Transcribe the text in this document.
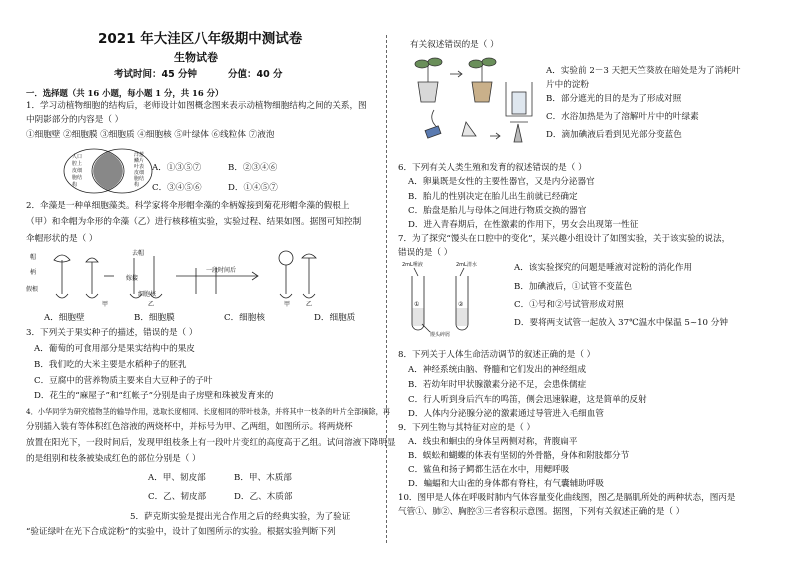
2021 年大洼区八年级期中测试卷
生物试卷
考试时间：45 分钟	分值：40 分
一．选择题（共 16 小题，每小题 1 分，共 16 分）
1．学习动植物细胞的结构后，老师设计如图概念图来表示动植物细胞结构之间的关系，图
中阴影部分的内容是（ ）
①细胞壁 ②细胞膜 ③细胞质 ④细胞核 ⑤叶绿体 ⑥线粒体 ⑦液泡
人口
腔上
皮细
胞结
构
洋葱
鳞片
叶表
皮细
胞结
构
A．①③⑤⑦	B．②③④⑥
C．③④⑤⑥	D．①④⑤⑦
2．伞藻是一种单细胞藻类。科学家将伞形帽伞藻的伞柄嫁接到菊花形帽伞藻的假根上
（甲）和伞帽为伞形的伞藻（乙）进行核移植实验，实验过程、结果如图。据图可知控制
伞帽形状的是（ ）
帽
柄
假根
去帽
嫁接
细胞核
甲	乙
一段时间后
甲	乙
A．细胞壁	B．细胞膜	C．细胞核	D．细胞质
3．下列关于果实种子的描述，错误的是（ ）
A．葡萄的可食用部分是果实结构中的果皮
B．我们吃的大米主要是水稻种子的胚乳
C．豆腐中的营养物质主要来自大豆种子的子叶
D．花生的“麻屋子”和“红帐子”分别是由子房壁和珠被发育来的
4．小华同学为研究植物茎的输导作用，选取长度相同、长度相同的带叶枝条，并将其中一枝条的叶片全部摘除，再
分别插入装有等体积红色溶液的两烧杯中，并标号为甲、乙两组，如图所示。将两烧杯
放置在阳光下，一段时间后，发现甲组枝条上有一段叶片变红的高度高于乙组。试问溶液下降明显
的是组别和枝条被染成红色的部位分别是（ ）
A．甲、韧皮部	B．甲、木质部
C．乙、韧皮部	D．乙、木质部
5．萨克斯实验是提出光合作用之后的经典实验，为了验证
“验证绿叶在光下合成淀粉”的实验中，设计了如图所示的实验。根据实验判断下列
有关叙述错误的是（ ）
A．实验前 2－3 天把天竺葵放在暗处是为了消耗叶
片中的淀粉
B．部分遮光的目的是为了形成对照
C．水浴加热是为了溶解叶片中的叶绿素
D．滴加碘液后看到见光部分变蓝色
6．下列有关人类生殖和发育的叙述错误的是（ ）
A．卵巢既是女性的主要性器官，又是内分泌器官
B．胎儿的性别决定在胎儿出生前就已经确定
C．胎盘是胎儿与母体之间进行物质交换的器官
D．进入青春期后，在性激素的作用下，男女会出现第一性征
7．为了探究“馒头在口腔中的变化”，某兴趣小组设计了如图实验，关于该实验的说法，
错误的是（ ）
2mL唾液	2mL清水
馒头碎屑
①	②
A．该实验探究的问题是唾液对淀粉的消化作用
B．加碘液后，①试管不变蓝色
C．①号和②号试管形成对照
D．要将两支试管一起放入 37℃温水中保温 5~10 分钟
8．下列关于人体生命活动调节的叙述正确的是（ ）
A．神经系统由脑、脊髓和它们发出的神经组成
B．若幼年时甲状腺激素分泌不足，会患侏儒症
C．行人听到身后汽车的鸣笛，侧会迅速躲避，这是简单的反射
D．人体内分泌腺分泌的激素通过导管进入毛细血管
9．下列生物与其特征对应的是（ ）
A．线虫和蛔虫的身体呈两侧对称，背腹扁平
B．蜈蚣和蝴蝶的体表有坚韧的外骨骼，身体和附肢都分节
C．鲨鱼和扬子鳄都生活在水中，用鳃呼吸
D．蝙蝠和大山雀的身体都有脊柱，有气囊辅助呼吸
10．图甲是人体在呼吸时肺内气体容量变化曲线图，图乙是膈肌所处的两种状态，图丙是
气管①、肺②、胸腔③三者容积示意图。据图，下列有关叙述正确的是（ ）
